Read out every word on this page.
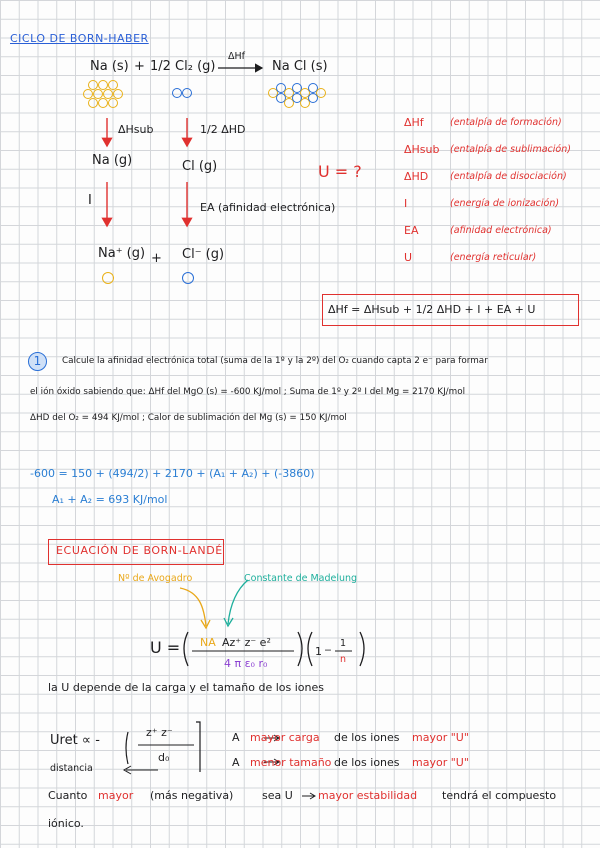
CICLO DE BORN-HABER
Na (s) + 1/2 Cl₂ (g)
ΔHf
Na Cl (s)
ΔHsub	1/2 ΔHD
Na (g)	Cl (g)	U = ?
I	EA (afinidad electrónica)
Na⁺ (g) + Cl⁻ (g)
ΔHf	(entalpía de formación)
ΔHsub (entalpía de sublimación)
ΔHD (entalpía de disociación)
I	(energía de ionización)
EA	(afinidad electrónica)
U	(energía reticular)
ΔHf = ΔHsub + 1/2 ΔHD + I + EA + U
1	Calcule la afinidad electrónica total (suma de la 1º y la 2º) del O₂ cuando capta 2 e⁻ para formar
el ión óxido sabiendo que: ΔHf del MgO (s) = -600 KJ/mol ; Suma de 1º y 2º I del Mg = 2170 KJ/mol
ΔHD del O₂ = 494 KJ/mol ; Calor de sublimación del Mg (s) = 150 KJ/mol
-600 = 150 + (494/2) + 2170 + (A₁ + A₂) + (-3860)
A₁ + A₂ = 693 KJ/mol
ECUACIÓN DE BORN-LANDÉ
Nº de Avogadro	Constante de Madelung
U = NA Az⁺ z⁻ e²
4 π ε₀ r₀
1 −
1
n
la U depende de la carga y el tamaño de los iones
Uret ∝ -
z⁺ z⁻
d₀
distancia
A mayor carga de los iones mayor "U"
A menor tamaño de los iones mayor "U"
Cuanto mayor (más negativa)	sea U mayor estabilidad tendrá el compuesto
iónico.
